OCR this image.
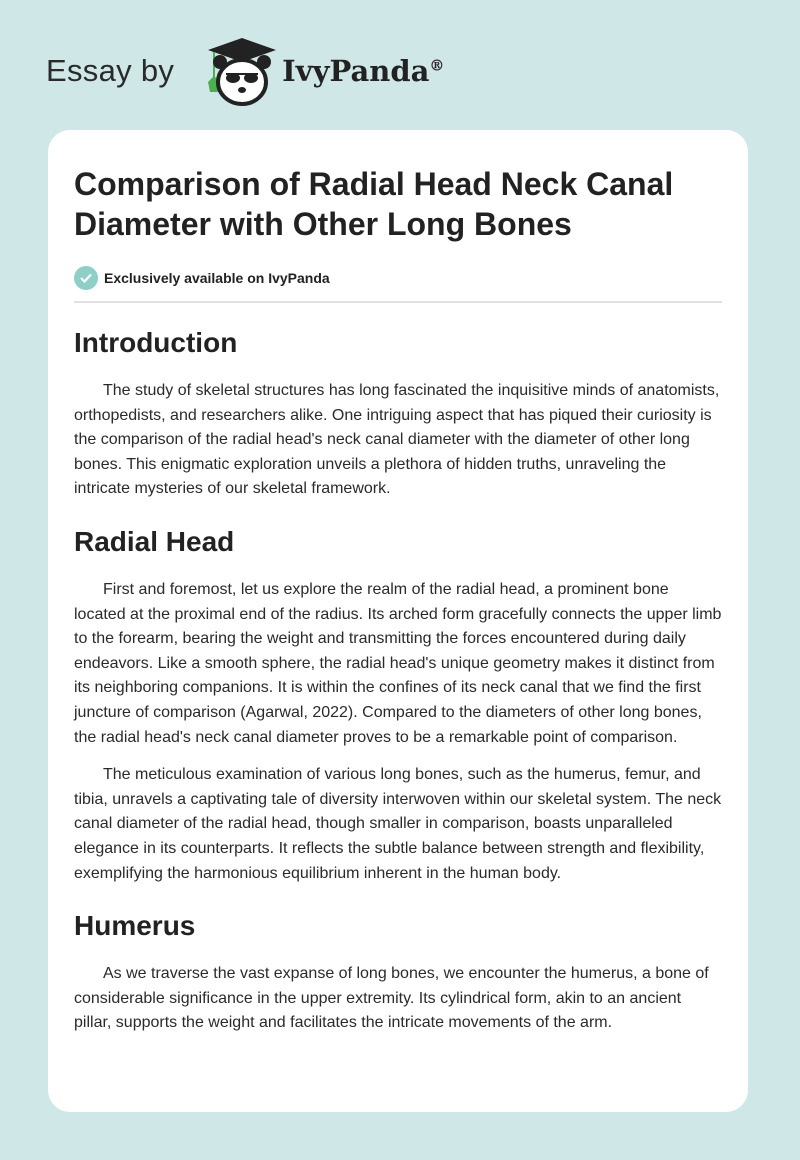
Essay by	IvyPanda®
Comparison of Radial Head Neck Canal Diameter with Other Long Bones
Exclusively available on IvyPanda
Introduction

The study of skeletal structures has long fascinated the inquisitive minds of anatomists, orthopedists, and researchers alike. One intriguing aspect that has piqued their curiosity is the comparison of the radial head's neck canal diameter with the diameter of other long bones. This enigmatic exploration unveils a plethora of hidden truths, unraveling the intricate mysteries of our skeletal framework.

Radial Head

First and foremost, let us explore the realm of the radial head, a prominent bone located at the proximal end of the radius. Its arched form gracefully connects the upper limb to the forearm, bearing the weight and transmitting the forces encountered during daily endeavors. Like a smooth sphere, the radial head's unique geometry makes it distinct from its neighboring companions. It is within the confines of its neck canal that we find the first juncture of comparison (Agarwal, 2022). Compared to the diameters of other long bones, the radial head's neck canal diameter proves to be a remarkable point of comparison.

The meticulous examination of various long bones, such as the humerus, femur, and tibia, unravels a captivating tale of diversity interwoven within our skeletal system. The neck canal diameter of the radial head, though smaller in comparison, boasts unparalleled elegance in its counterparts. It reflects the subtle balance between strength and flexibility, exemplifying the harmonious equilibrium inherent in the human body.

Humerus

As we traverse the vast expanse of long bones, we encounter the humerus, a bone of considerable significance in the upper extremity. Its cylindrical form, akin to an ancient pillar, supports the weight and facilitates the intricate movements of the arm.
